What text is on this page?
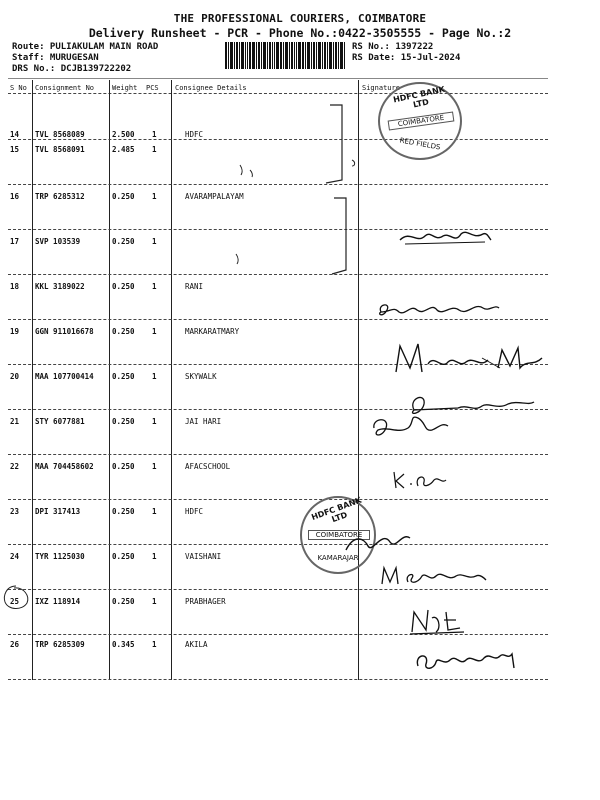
THE PROFESSIONAL COURIERS, COIMBATORE
Delivery Runsheet - PCR - Phone No.:0422-3505555 - Page No.:2
Route: PULIAKULAM MAIN ROAD
Staff: MURUGESAN
DRS No.: DCJB139722202
RS No.: 1397222
RS Date: 15-Jul-2024
S No Consignment No	Weight PCS Consignee Details	Signature
14 TVL 8568089	2.500 1	HDFC
15 TVL 8568091	2.485 1
16 TRP 6285312	0.250 1	AVARAMPALAYAM
17 SVP 103539	0.250 1
18 KKL 3189022	0.250 1	RANI
19 GGN 911016678 0.250 1	MARKARATMARY
20 MAA 107700414 0.250 1	SKYWALK
21 STY 6077881	0.250 1	JAI HARI
22 MAA 704458602 0.250 1	AFACSCHOOL
23 DPI 317413	0.250 1	HDFC
24 TYR 1125030	0.250 1	VAISHANI
25 IXZ 118914	0.250 1	PRABHAGER
26 TRP 6285309	0.345 1	AKILA
HDFC BANK LTD
COIMBATORE
RED FIELDS
HDFC BANK LTD
COIMBATORE
KAMARAJAR
